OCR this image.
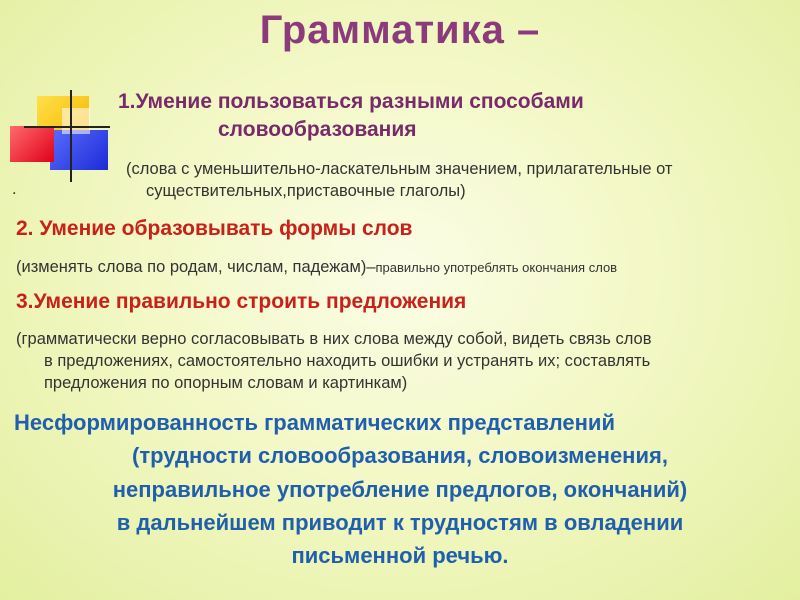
Грамматика –
1.Умение пользоваться разными способами
словообразования
(слова с уменьшительно-ласкательным значением, прилагательные от
.	существительных,приставочные глаголы)
2. Умение образовывать формы слов
(изменять слова по родам, числам, падежам)–правильно употреблять окончания слов
3.Умение правильно строить предложения
(грамматически верно согласовывать в них слова между собой, видеть связь слов
в предложениях, самостоятельно находить ошибки и устранять их; составлять
предложения по опорным словам и картинкам)
Несформированность грамматических представлений
(трудности словообразования, словоизменения,
неправильное употребление предлогов, окончаний)
в дальнейшем приводит к трудностям в овладении
письменной речью.
